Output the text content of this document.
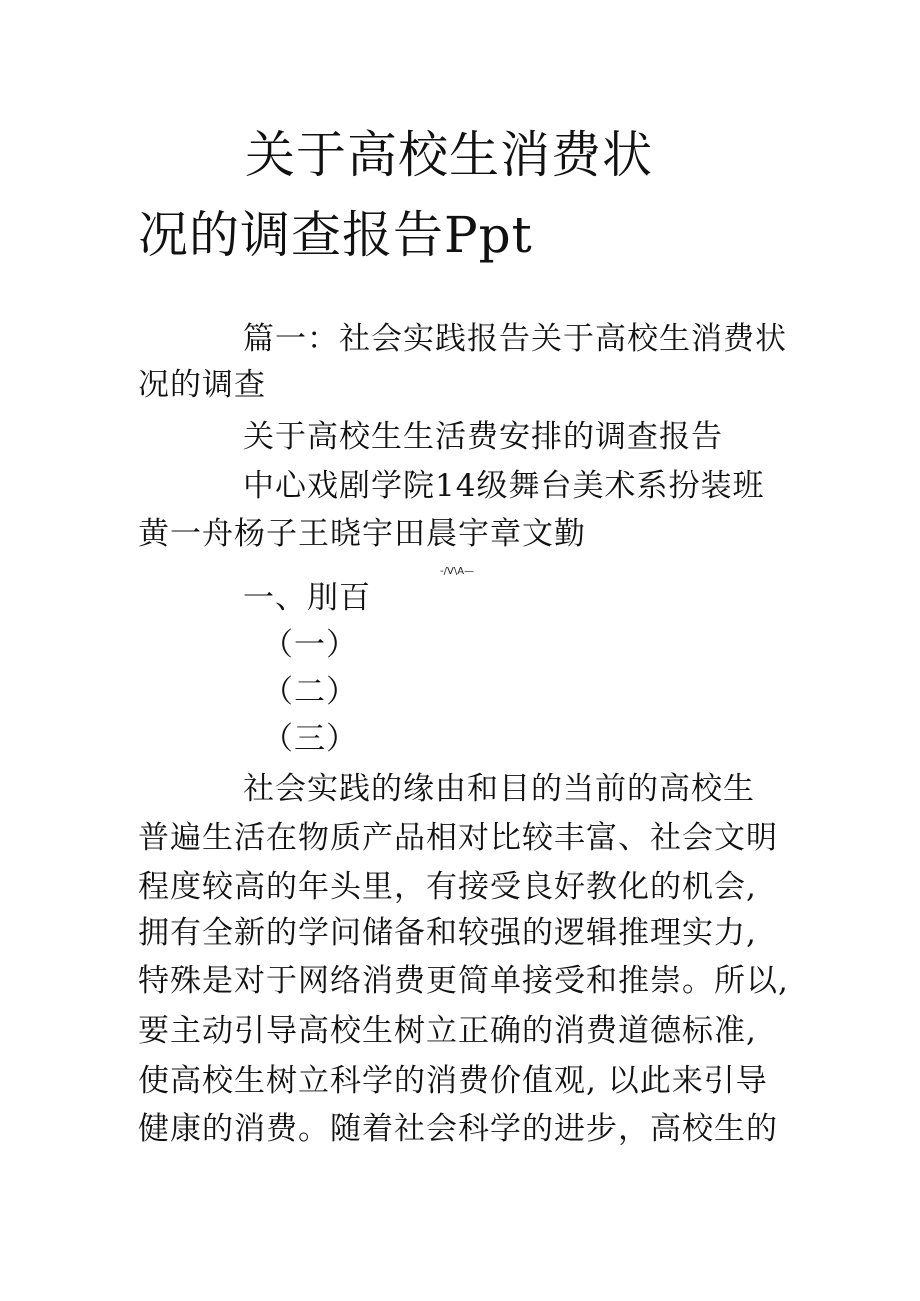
关于高校生消费状
况的调查报告Ppt
篇一：社会实践报告关于高校生消费状
况的调查
关于高校生生活费安排的调查报告
中心戏剧学院14级舞台美术系扮装班
黄一舟杨子王晓宇田晨宇章文勤
-/V\A—
一、刖百
（一）
（二）
（三）
社会实践的缘由和目的当前的高校生
普遍生活在物质产品相对比较丰富、社会文明
程度较高的年头里，有接受良好教化的机会,
拥有全新的学问储备和较强的逻辑推理实力,
特殊是对于网络消费更简单接受和推崇。所以,
要主动引导高校生树立正确的消费道德标准,
使高校生树立科学的消费价值观, 以此来引导
健康的消费。随着社会科学的进步，高校生的
